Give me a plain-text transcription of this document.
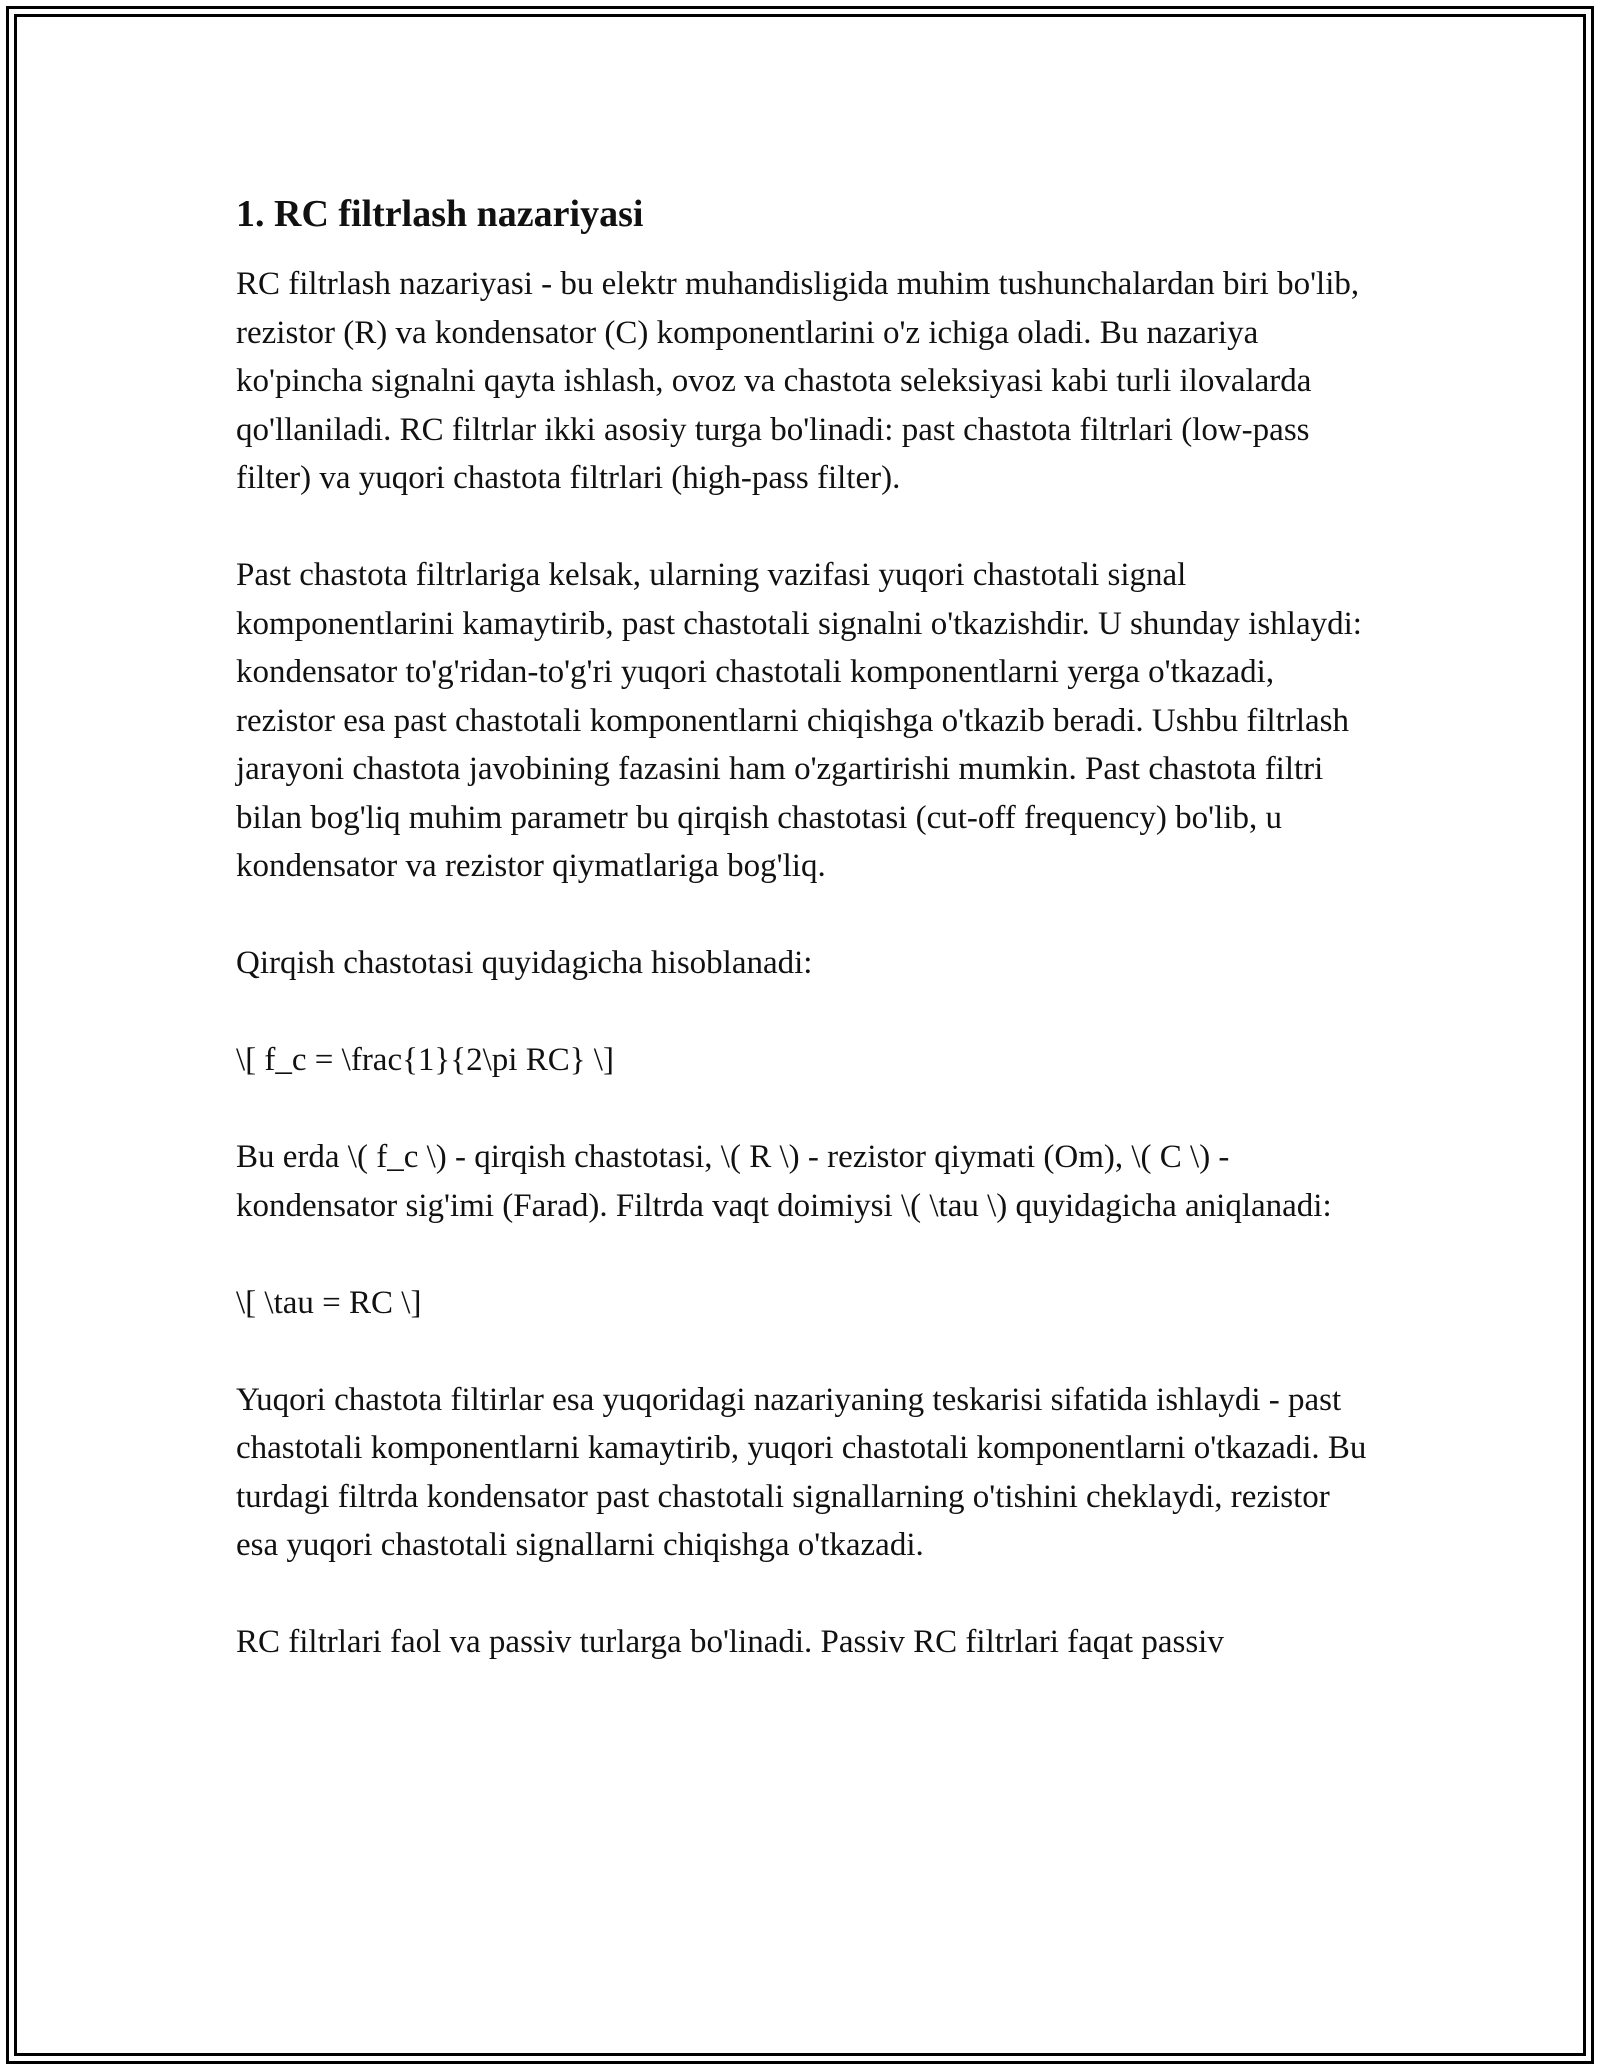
1. RC filtrlash nazariyasi

RC filtrlash nazariyasi - bu elektr muhandisligida muhim tushunchalardan biri bo'lib, rezistor (R) va kondensator (C) komponentlarini o'z ichiga oladi. Bu nazariya ko'pincha signalni qayta ishlash, ovoz va chastota seleksiyasi kabi turli ilovalarda qo'llaniladi. RC filtrlar ikki asosiy turga bo'linadi: past chastota filtrlari (low-pass filter) va yuqori chastota filtrlari (high-pass filter).

Past chastota filtrlariga kelsak, ularning vazifasi yuqori chastotali signal komponentlarini kamaytirib, past chastotali signalni o'tkazishdir. U shunday ishlaydi: kondensator to'g'ridan-to'g'ri yuqori chastotali komponentlarni yerga o'tkazadi, rezistor esa past chastotali komponentlarni chiqishga o'tkazib beradi. Ushbu filtrlash jarayoni chastota javobining fazasini ham o'zgartirishi mumkin. Past chastota filtri bilan bog'liq muhim parametr bu qirqish chastotasi (cut-off frequency) bo'lib, u kondensator va rezistor qiymatlariga bog'liq.

Qirqish chastotasi quyidagicha hisoblanadi:

\[ f_c = \frac{1}{2\pi RC} \]

Bu erda \( f_c \) - qirqish chastotasi, \( R \) - rezistor qiymati (Om), \( C \) - kondensator sig'imi (Farad). Filtrda vaqt doimiysi \( \tau \) quyidagicha aniqlanadi:

\[ \tau = RC \]

Yuqori chastota filtirlar esa yuqoridagi nazariyaning teskarisi sifatida ishlaydi - past chastotali komponentlarni kamaytirib, yuqori chastotali komponentlarni o'tkazadi. Bu turdagi filtrda kondensator past chastotali signallarning o'tishini cheklaydi, rezistor esa yuqori chastotali signallarni chiqishga o'tkazadi.

RC filtrlari faol va passiv turlarga bo'linadi. Passiv RC filtrlari faqat passiv
